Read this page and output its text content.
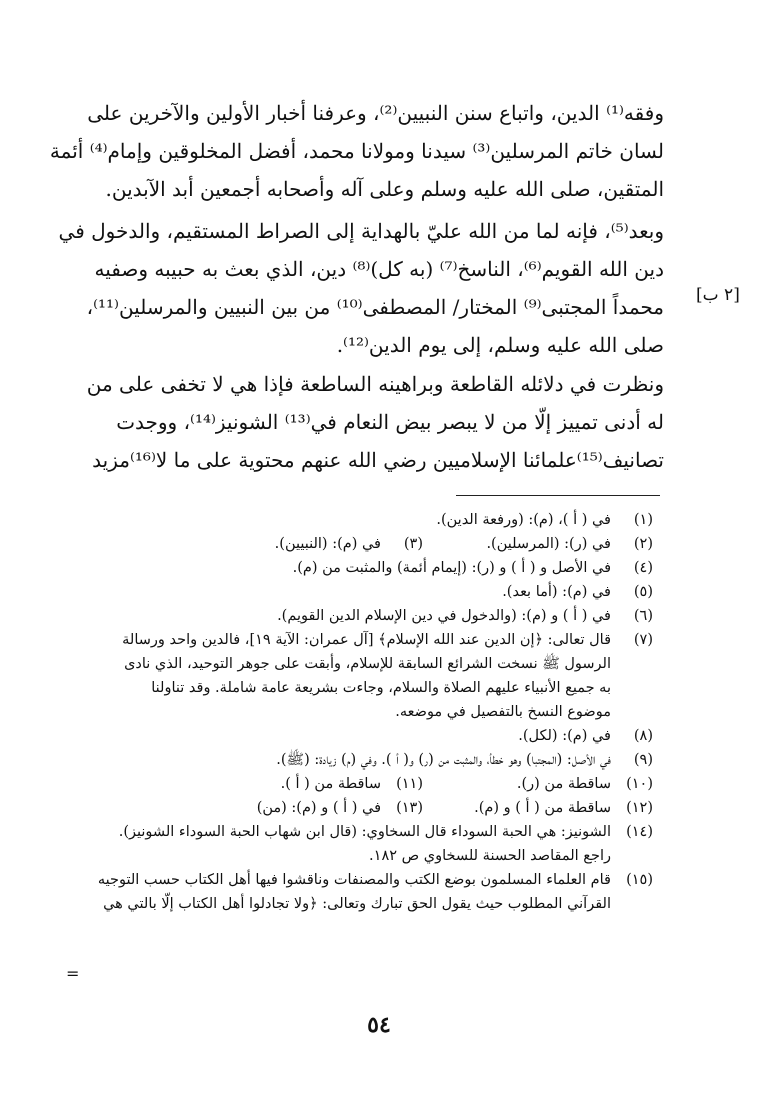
[٢ ب]
وفقه⁽¹⁾ الدين، واتباع سنن النبيين⁽²⁾، وعرفنا أخبار الأولين والآخرين على
لسان خاتم المرسلين⁽³⁾ سيدنا ومولانا محمد، أفضل المخلوقين وإمام⁽⁴⁾ أئمة
المتقين، صلى الله عليه وسلم وعلى آله وأصحابه أجمعين أبد الآبدين.
وبعد⁽⁵⁾، فإنه لما من الله عليّ بالهداية إلى الصراط المستقيم، والدخول في
دين الله القويم⁽⁶⁾، الناسخ⁽⁷⁾ (به كل)⁽⁸⁾ دين، الذي بعث به حبيبه وصفيه
محمداً المجتبى⁽⁹⁾ المختار/ المصطفى⁽¹⁰⁾ من بين النبيين والمرسلين⁽¹¹⁾،
صلى الله عليه وسلم، إلى يوم الدين⁽¹²⁾.
ونظرت في دلائله القاطعة وبراهينه الساطعة فإذا هي لا تخفى على من
له أدنى تمييز إلّا من لا يبصر بيض النعام في⁽¹³⁾ الشونيز⁽¹⁴⁾، ووجدت
تصانيف⁽¹⁵⁾علمائنا الإسلاميين رضي الله عنهم محتوية على ما لا⁽¹⁶⁾مزيد
(١)في ( أ )، (م): (ورفعة الدين).
(٢)في (ر): (المرسلين).
(٣)في (م): (النبيين).
(٤)في الأصل و ( أ ) و (ر): (إيمام أئمة) والمثبت من (م).
(٥)في (م): (أما بعد).
(٦)في ( أ ) و (م): (والدخول في دين الإسلام الدين القويم).
(٧)قال تعالى: ﴿إن الدين عند الله الإسلام﴾ [آل عمران: الآية ١٩]، فالدين واحد ورسالة
الرسول ﷺ نسخت الشرائع السابقة للإسلام، وأبقت على جوهر التوحيد، الذي نادى
به جميع الأنبياء عليهم الصلاة والسلام، وجاءت بشريعة عامة شاملة. وقد تناولنا
موضوع النسخ بالتفصيل في موضعه.
(٨)في (م): (لكل).
(٩)في الأصل: (المجتبا) وهو خطأ، والمثبت من (ر) و( أ ). وفي (م) زيادة: (ﷺ).
(١٠)ساقطة من (ر).
(١١)ساقطة من ( أ ).
(١٢)ساقطة من ( أ ) و (م).
(١٣)في ( أ ) و (م): (من)
(١٤)الشونيز: هي الحبة السوداء قال السخاوي: (قال ابن شهاب الحبة السوداء الشونيز).
راجع المقاصد الحسنة للسخاوي ص ١٨٢.
(١٥)قام العلماء المسلمون بوضع الكتب والمصنفات وناقشوا فيها أهل الكتاب حسب التوجيه
القرآني المطلوب حيث يقول الحق تبارك وتعالى: ﴿ولا تجادلوا أهل الكتاب إلّا بالتي هي
=
٥٤
